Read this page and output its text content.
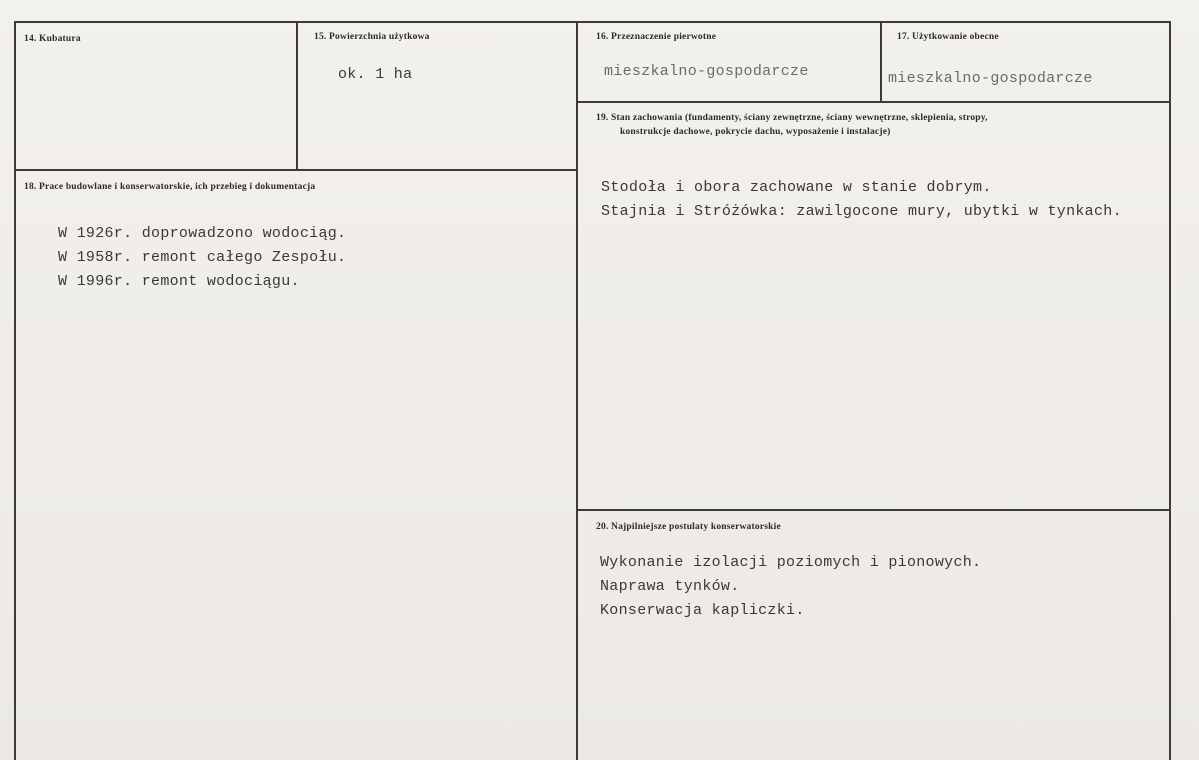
14. Kubatura	15. Powierzchnia użytkowa
ok. 1 ha
16. Przeznaczenie pierwotne
mieszkalno-gospodarcze
17. Użytkowanie obecne
mieszkalno-gospodarcze
18. Prace budowlane i konserwatorskie, ich przebieg i dokumentacja
W 1926r. doprowadzono wodociąg.
W 1958r. remont całego Zespołu.
W 1996r. remont wodociągu.
19. Stan zachowania (fundamenty, ściany zewnętrzne, ściany wewnętrzne, sklepienia, stropy,
konstrukcje dachowe, pokrycie dachu, wyposażenie i instalacje)
Stodoła i obora zachowane w stanie dobrym.
Stajnia i Stróżówka: zawilgocone mury, ubytki w tynkach.
20. Najpilniejsze postulaty konserwatorskie
Wykonanie izolacji poziomych i pionowych.
Naprawa tynków.
Konserwacja kapliczki.
